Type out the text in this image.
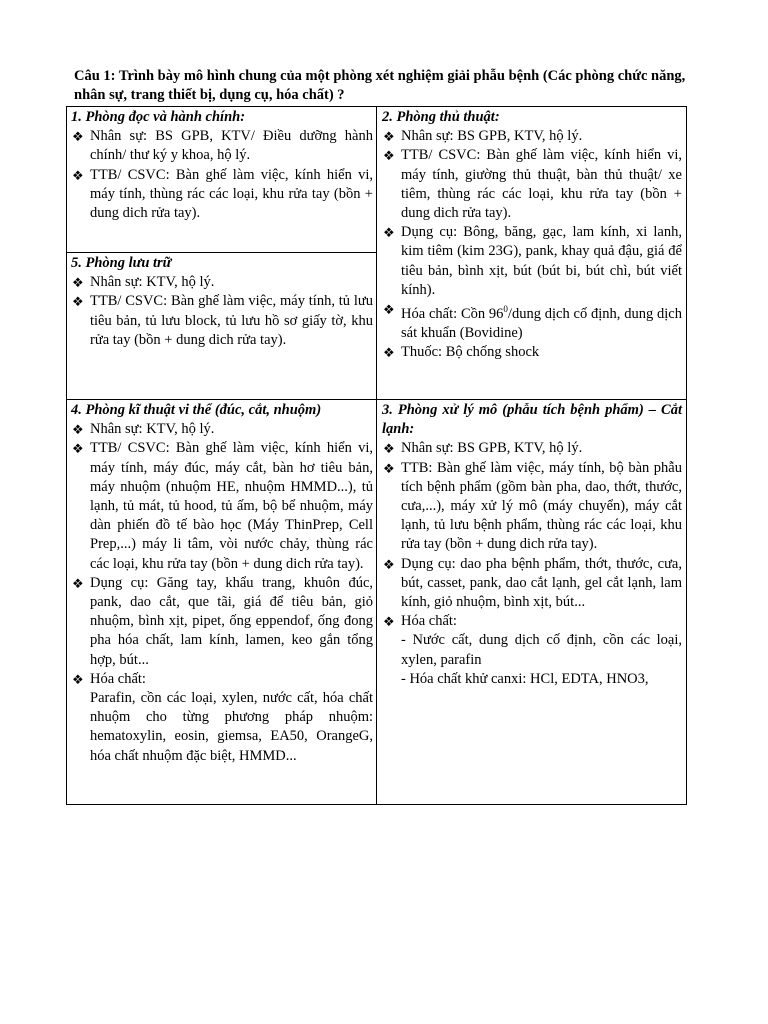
Câu 1: Trình bày mô hình chung của một phòng xét nghiệm giải phẫu bệnh (Các phòng chức năng, nhân sự, trang thiết bị, dụng cụ, hóa chất) ?

1. Phòng đọc và hành chính:

❖ Nhân sự: BS GPB, KTV/ Điều dưỡng hành chính/ thư ký y khoa, hộ lý.
❖ TTB/ CSVC: Bàn ghế làm việc, kính hiển vi, máy tính, thùng rác các loại, khu rửa tay (bồn + dung dich rửa tay).

5. Phòng lưu trữ

❖ Nhân sự: KTV, hộ lý.
❖ TTB/ CSVC: Bàn ghế làm việc, máy tính, tủ lưu tiêu bản, tủ lưu block, tủ lưu hồ sơ giấy tờ, khu rửa tay (bồn + dung dich rửa tay).

2. Phòng thủ thuật:

❖ Nhân sự: BS GPB, KTV, hộ lý.
❖ TTB/ CSVC: Bàn ghế làm việc, kính hiển vi, máy tính, giường thủ thuật, bàn thủ thuật/ xe tiêm, thùng rác các loại, khu rửa tay (bồn + dung dich rửa tay).
❖ Dụng cụ: Bông, băng, gạc, lam kính, xi lanh, kim tiêm (kim 23G), pank, khay quả đậu, giá để tiêu bản, bình xịt, bút (bút bi, bút chì, bút viết kính).
❖ Hóa chất: Cồn $96^0$/dung dịch cố định, dung dịch sát khuẩn (Bovidine)
❖ Thuốc: Bộ chống shock

4. Phòng kĩ thuật vi thể (đúc, cắt, nhuộm)

❖ Nhân sự: KTV, hộ lý.
❖ TTB/ CSVC: Bàn ghế làm việc, kính hiển vi, máy tính, máy đúc, máy cắt, bàn hơ tiêu bản, máy nhuộm (nhuộm HE, nhuộm HMMD...), tủ lạnh, tủ mát, tủ hood, tủ ấm, bộ bể nhuộm, máy dàn phiến đồ tế bào học (Máy ThinPrep, Cell Prep,...) máy li tâm, vòi nước chảy, thùng rác các loại, khu rửa tay (bồn + dung dich rửa tay).
❖ Dụng cụ: Găng tay, khẩu trang, khuôn đúc, pank, dao cắt, que tãi, giá để tiêu bản, giỏ nhuộm, bình xịt, pipet, ống eppendof, ống đong pha hóa chất, lam kính, lamen, keo gắn tổng hợp, bút...
❖ Hóa chất:
Parafin, cồn các loại, xylen, nước cất, hóa chất nhuộm cho từng phương pháp nhuộm: hematoxylin, eosin, giemsa, EA50, OrangeG, hóa chất nhuộm đặc biệt, HMMD...

3. Phòng xử lý mô (phẫu tích bệnh phẩm) – Cắt lạnh:

❖ Nhân sự: BS GPB, KTV, hộ lý.
❖ TTB: Bàn ghế làm việc, máy tính, bộ bàn phẫu tích bệnh phẩm (gồm bàn pha, dao, thớt, thước, cưa,...), máy xử lý mô (máy chuyển), máy cắt lạnh, tủ lưu bệnh phẩm, thùng rác các loại, khu rửa tay (bồn + dung dich rửa tay).
❖ Dụng cụ: dao pha bệnh phẩm, thớt, thước, cưa, bút, casset, pank, dao cắt lạnh, gel cắt lạnh, lam kính, giỏ nhuộm, bình xịt, bút...
❖ Hóa chất:
- Nước cất, dung dịch cố định, cồn các loại, xylen, parafin
- Hóa chất khử canxi: HCl, EDTA, HNO3,
